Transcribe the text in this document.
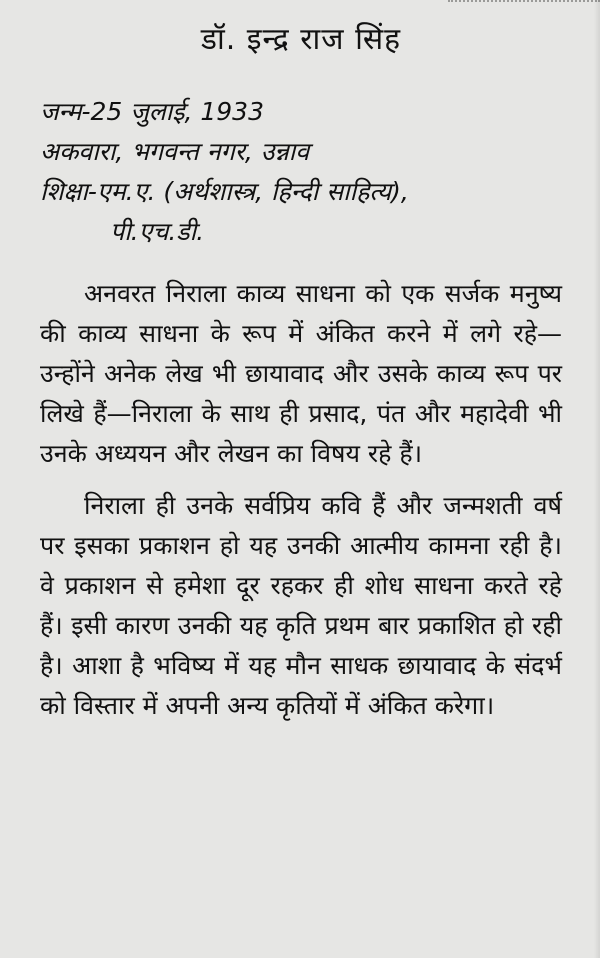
डॉ. इन्द्र राज सिंह

जन्म-25 जुलाई, 1933

अकवारा, भगवन्त नगर, उन्नाव

शिक्षा-एम.ए. (अर्थशास्त्र, हिन्दी साहित्य),

पी.एच.डी.

अनवरत निराला काव्य साधना को एक सर्जक मनुष्य की काव्य साधना के रूप में अंकित करने में लगे रहे—उन्होंने अनेक लेख भी छायावाद और उसके काव्य रूप पर लिखे हैं—निराला के साथ ही प्रसाद, पंत और महादेवी भी उनके अध्ययन और लेखन का विषय रहे हैं।

निराला ही उनके सर्वप्रिय कवि हैं और जन्मशती वर्ष पर इसका प्रकाशन हो यह उनकी आत्मीय कामना रही है। वे प्रकाशन से हमेशा दूर रहकर ही शोध साधना करते रहे हैं। इसी कारण उनकी यह कृति प्रथम बार प्रकाशित हो रही है। आशा है भविष्य में यह मौन साधक छायावाद के संदर्भ को विस्तार में अपनी अन्य कृतियों में अंकित करेगा।
